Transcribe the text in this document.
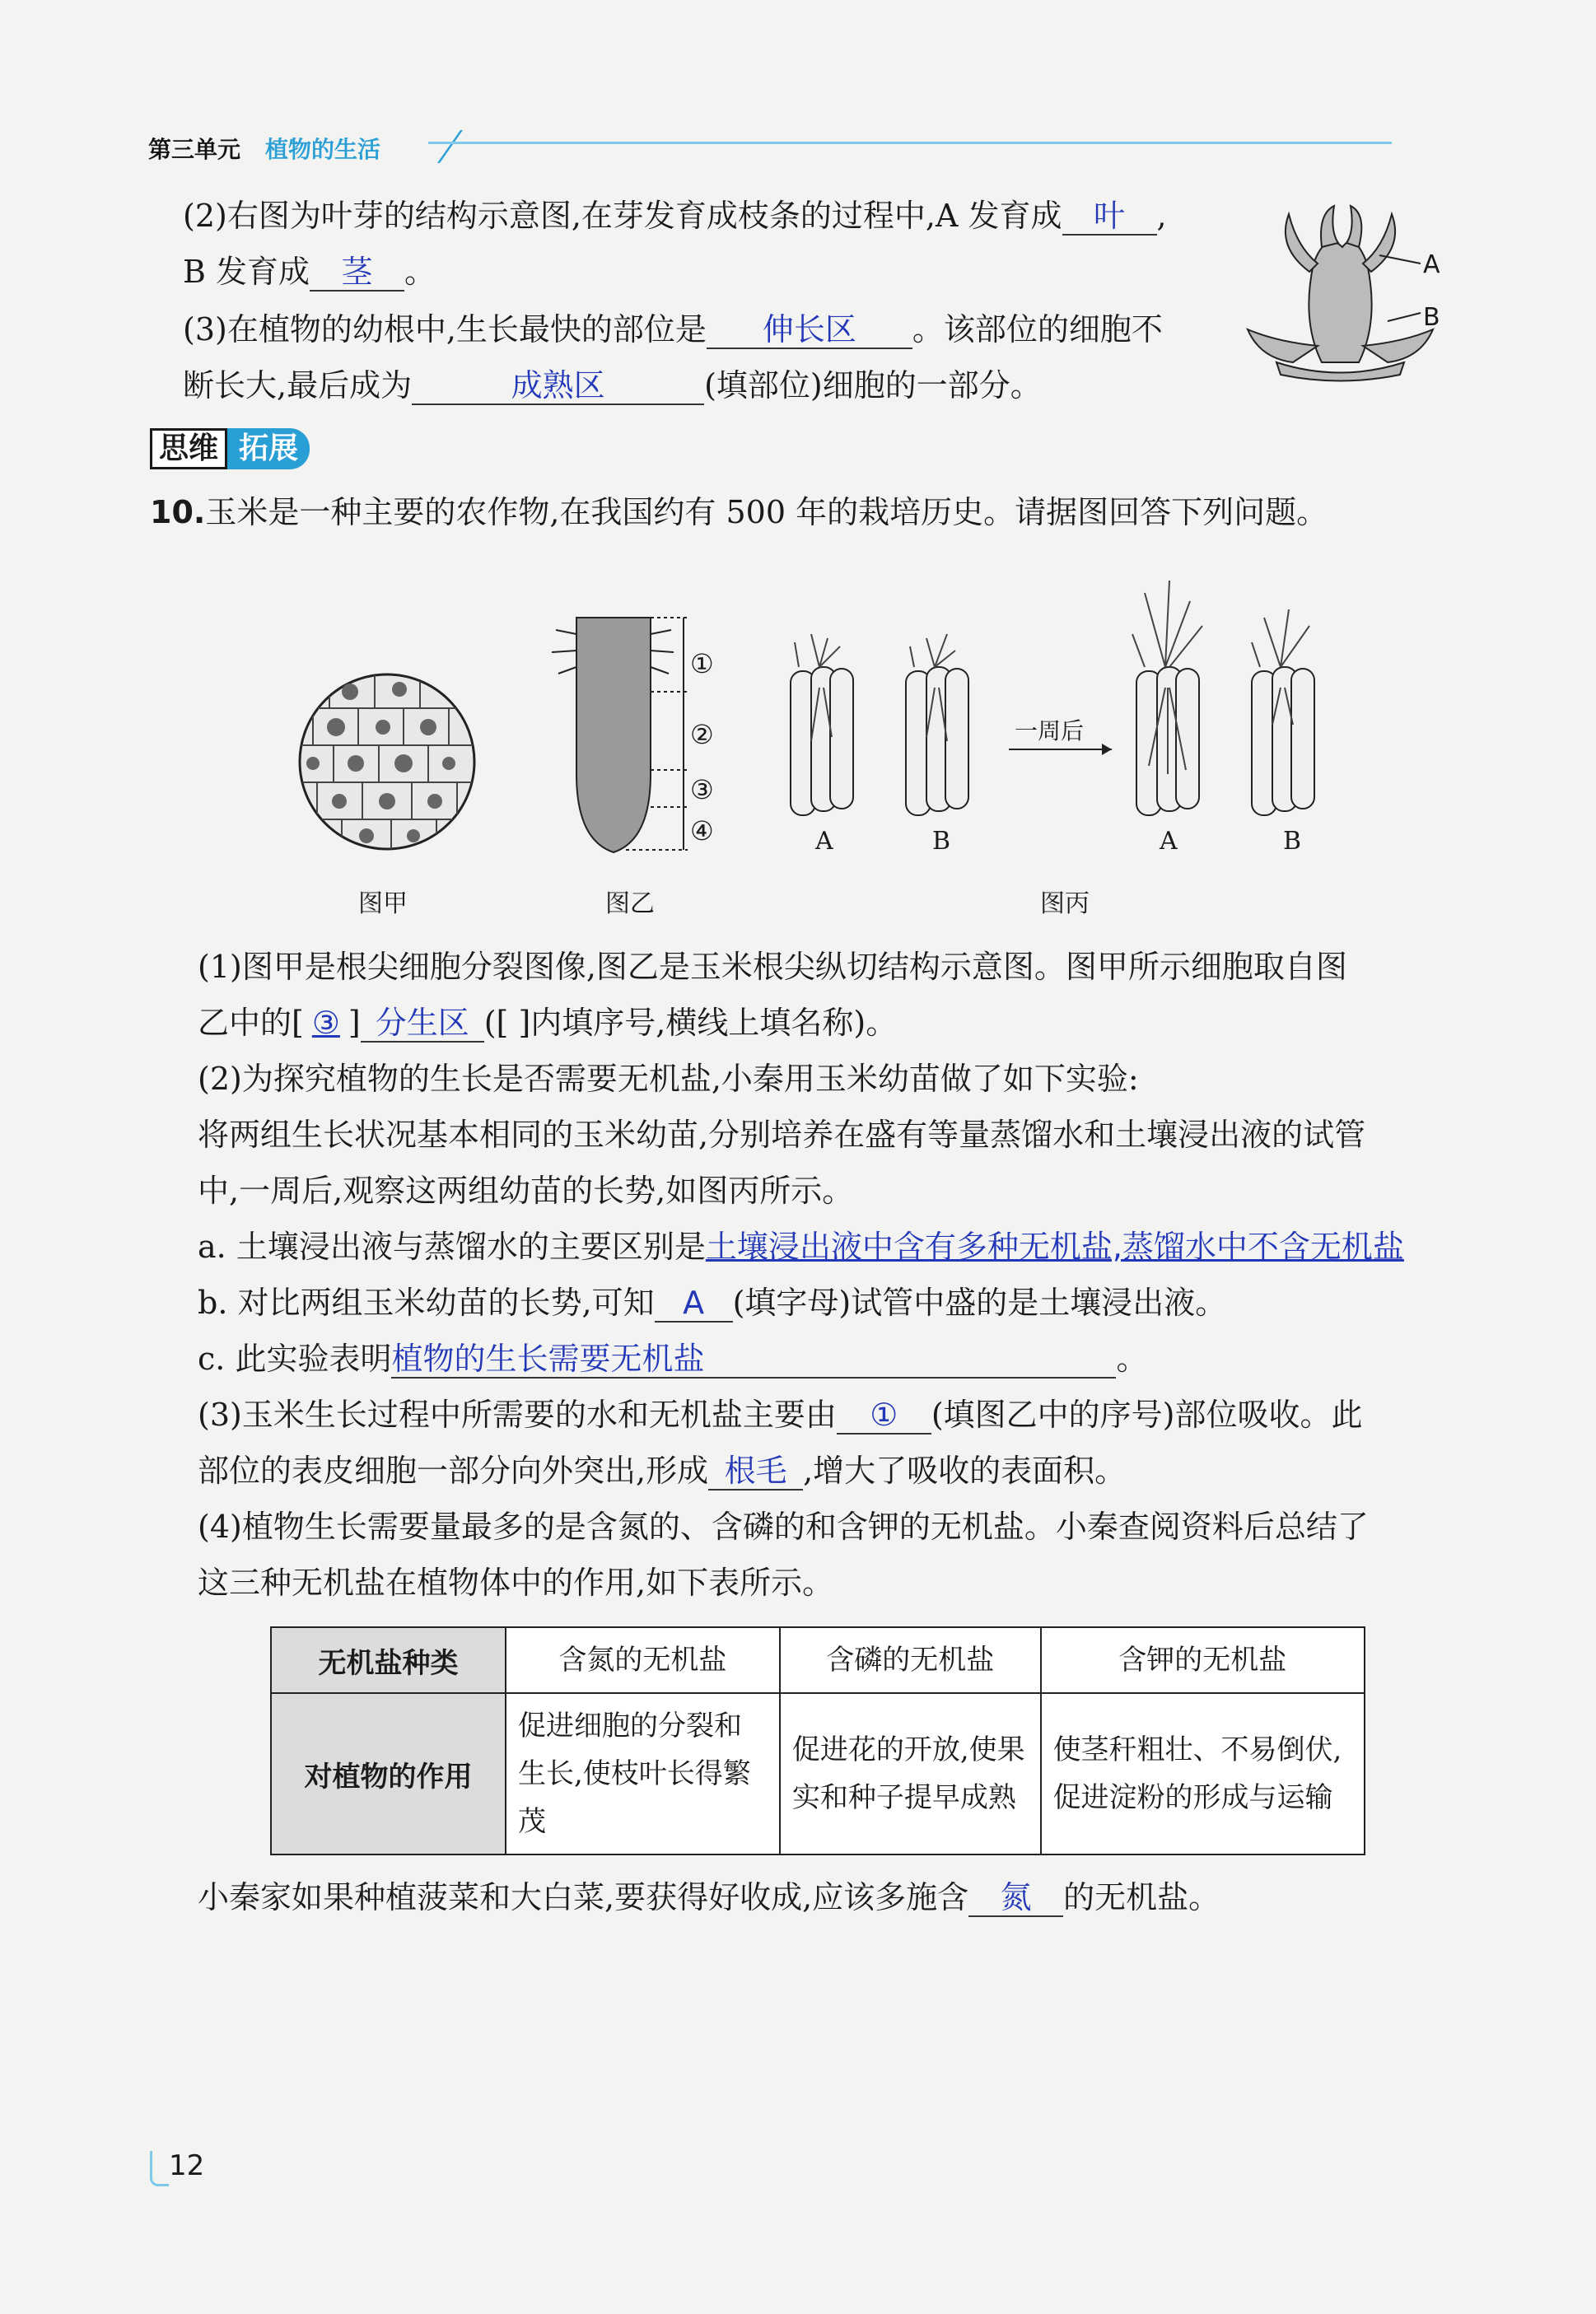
第三单元 植物的生活
(2)右图为叶芽的结构示意图,在芽发育成枝条的过程中,A 发育成 叶 ,
B 发育成 茎 。
(3)在植物的幼根中,生长最快的部位是 伸长区 。该部位的细胞不
断长大,最后成为	成熟区	(填部位)细胞的一部分。
A
B
思维 拓展
10.玉米是一种主要的农作物,在我国约有 500 年的栽培历史。请据图回答下列问题。
图甲
①
②
③
④
图乙
一周后
A	B	A	B
图丙
(1)图甲是根尖细胞分裂图像,图乙是玉米根尖纵切结构示意图。图甲所示细胞取自图
乙中的[ ③ ] 分生区 ([ ]内填序号,横线上填名称)。
(2)为探究植物的生长是否需要无机盐,小秦用玉米幼苗做了如下实验:
将两组生长状况基本相同的玉米幼苗,分别培养在盛有等量蒸馏水和土壤浸出液的试管
中,一周后,观察这两组幼苗的长势,如图丙所示。
a. 土壤浸出液与蒸馏水的主要区别是土壤浸出液中含有多种无机盐,蒸馏水中不含无机盐
b. 对比两组玉米幼苗的长势,可知 A (填字母)试管中盛的是土壤浸出液。
c. 此实验表明植物的生长需要无机盐	。
(3)玉米生长过程中所需要的水和无机盐主要由 ① (填图乙中的序号)部位吸收。此
部位的表皮细胞一部分向外突出,形成 根毛 ,增大了吸收的表面积。
(4)植物生长需要量最多的是含氮的、含磷的和含钾的无机盐。小秦查阅资料后总结了
这三种无机盐在植物体中的作用,如下表所示。
无机盐种类	含氮的无机盐	含磷的无机盐	含钾的无机盐
对植物的作用	促进细胞的分裂和生长,使枝叶长得繁茂	促进花的开放,使果实和种子提早成熟	使茎秆粗壮、不易倒伏,促进淀粉的形成与运输
小秦家如果种植菠菜和大白菜,要获得好收成,应该多施含 氮 的无机盐。
12
